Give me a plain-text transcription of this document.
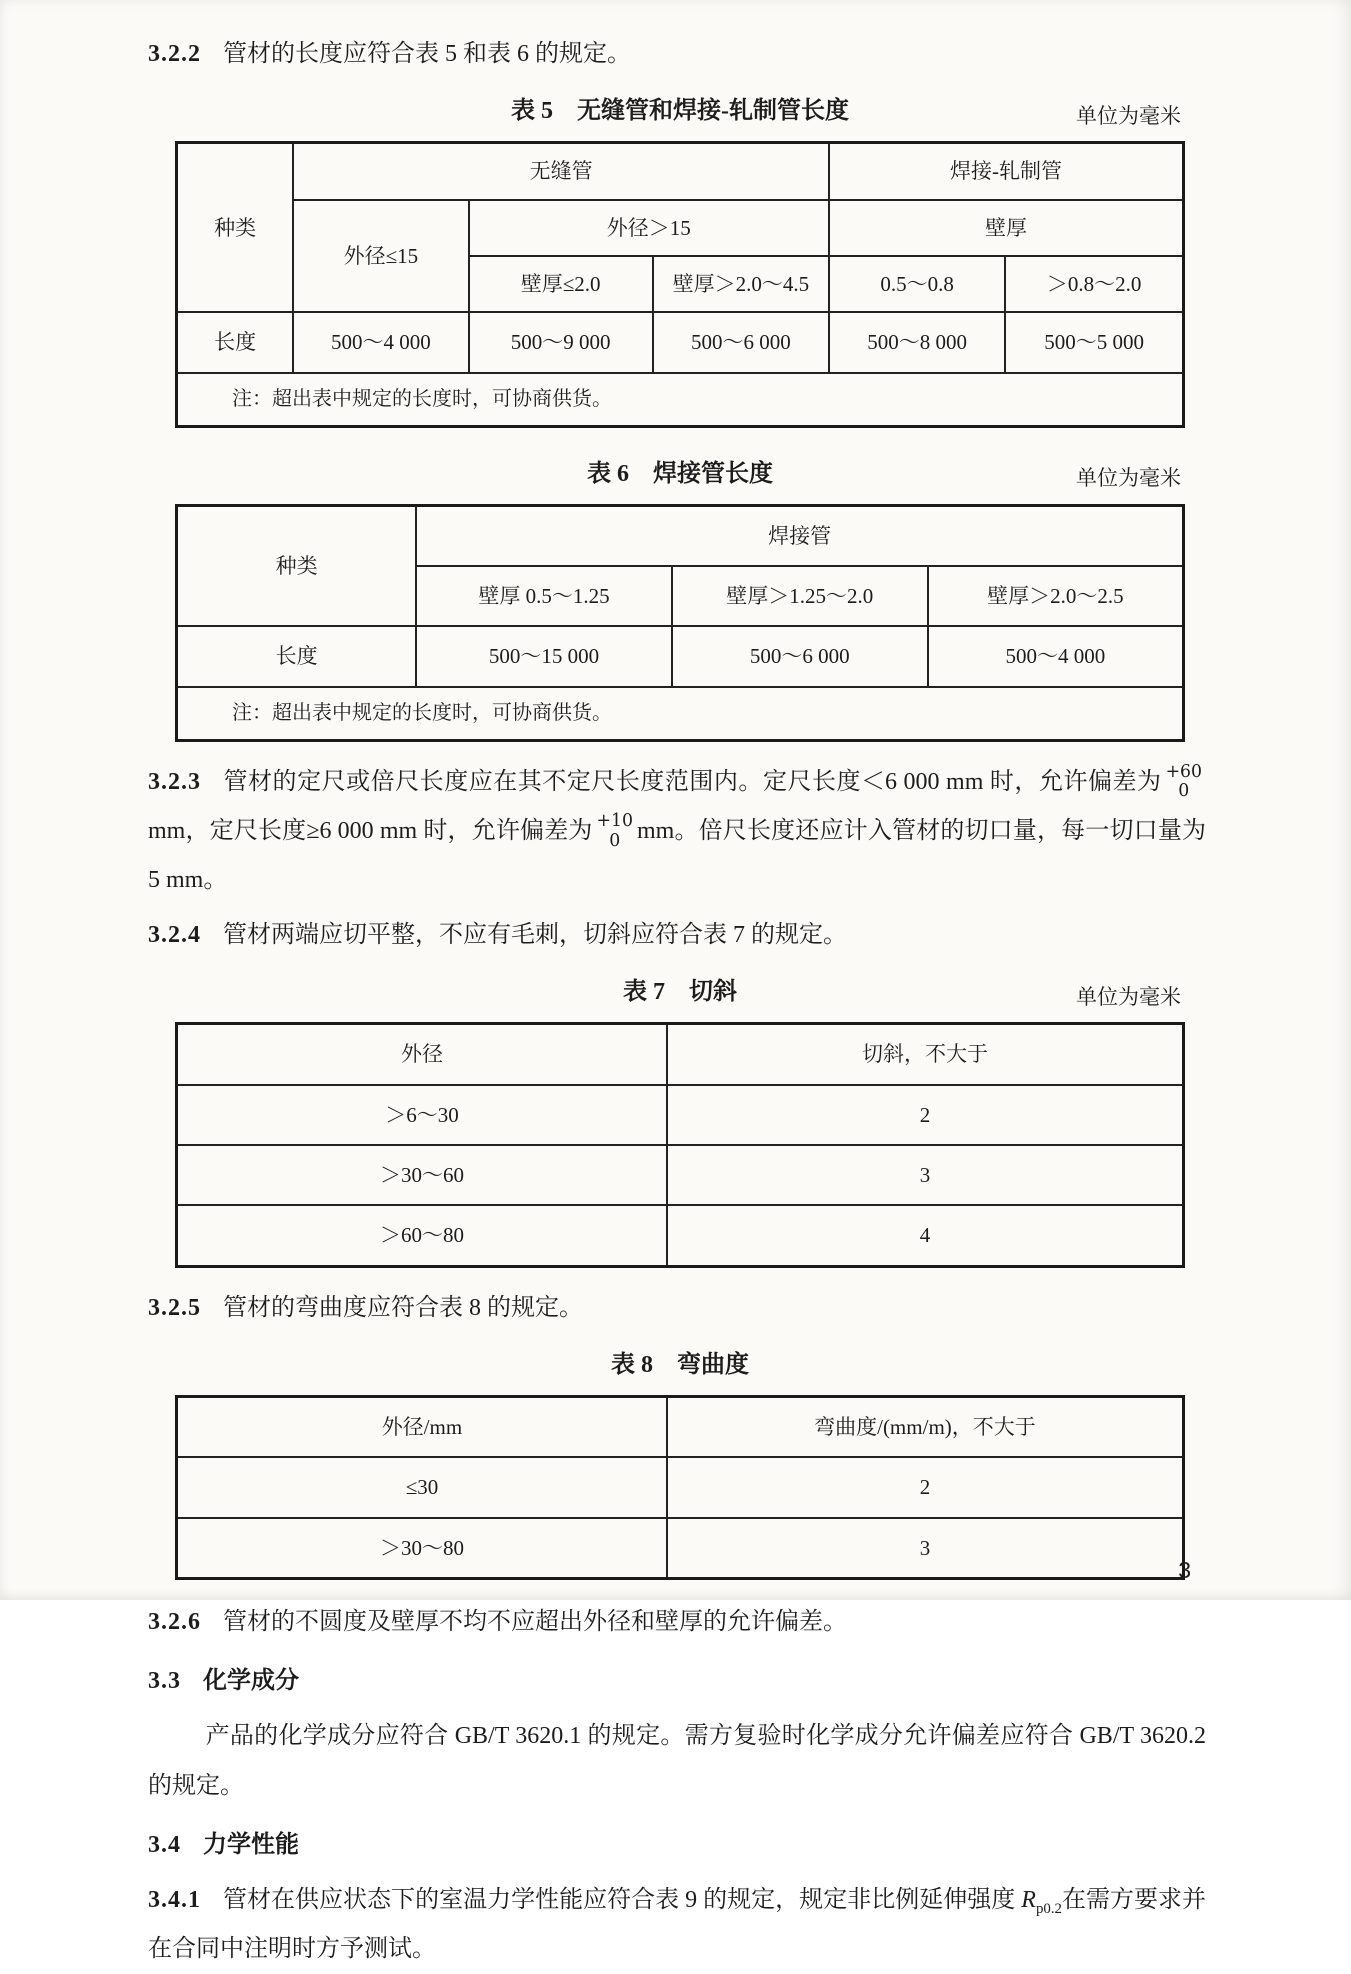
3.2.2 管材的长度应符合表 5 和表 6 的规定。

表 5 无缝管和焊接-轧制管长度	单位为毫米
种类	无缝管			焊接-轧制管	
	外径≤15	外径＞15		壁厚	
		壁厚≤2.0	壁厚＞2.0～4.5	0.5～0.8	＞0.8～2.0
长度	500～4 000	500～9 000	500～6 000	500～8 000	500～5 000
注：超出表中规定的长度时，可协商供货。					
表 6 焊接管长度	单位为毫米
种类	焊接管		
	壁厚 0.5～1.25	壁厚＞1.25～2.0	壁厚＞2.0～2.5
长度	500～15 000	500～6 000	500～4 000
注：超出表中规定的长度时，可协商供货。			

3.2.3 管材的定尺或倍尺长度应在其不定尺长度范围内。定尺长度＜6 000 mm 时，允许偏差为 +60
0
mm，定尺长度≥6 000 mm 时，允许偏差为 +10
0 mm。倍尺长度还应计入管材的切口量，每一切口量为 5 mm。

3.2.4 管材两端应切平整，不应有毛刺，切斜应符合表 7 的规定。

表 7 切斜	单位为毫米
外径	切斜，不大于
＞6～30	2
＞30～60	3
＞60～80	4

3.2.5 管材的弯曲度应符合表 8 的规定。

表 8 弯曲度
外径/mm	弯曲度/(mm/m)，不大于
≤30	2
＞30～80	3

3.2.6 管材的不圆度及壁厚不均不应超出外径和壁厚的允许偏差。

3.3 化学成分

产品的化学成分应符合 GB/T 3620.1 的规定。需方复验时化学成分允许偏差应符合 GB/T 3620.2 的规定。

3.4 力学性能

3.4.1 管材在供应状态下的室温力学性能应符合表 9 的规定，规定非比例延伸强度 $R_{p0.2}$在需方要求并在合同中注明时方予测试。

3
